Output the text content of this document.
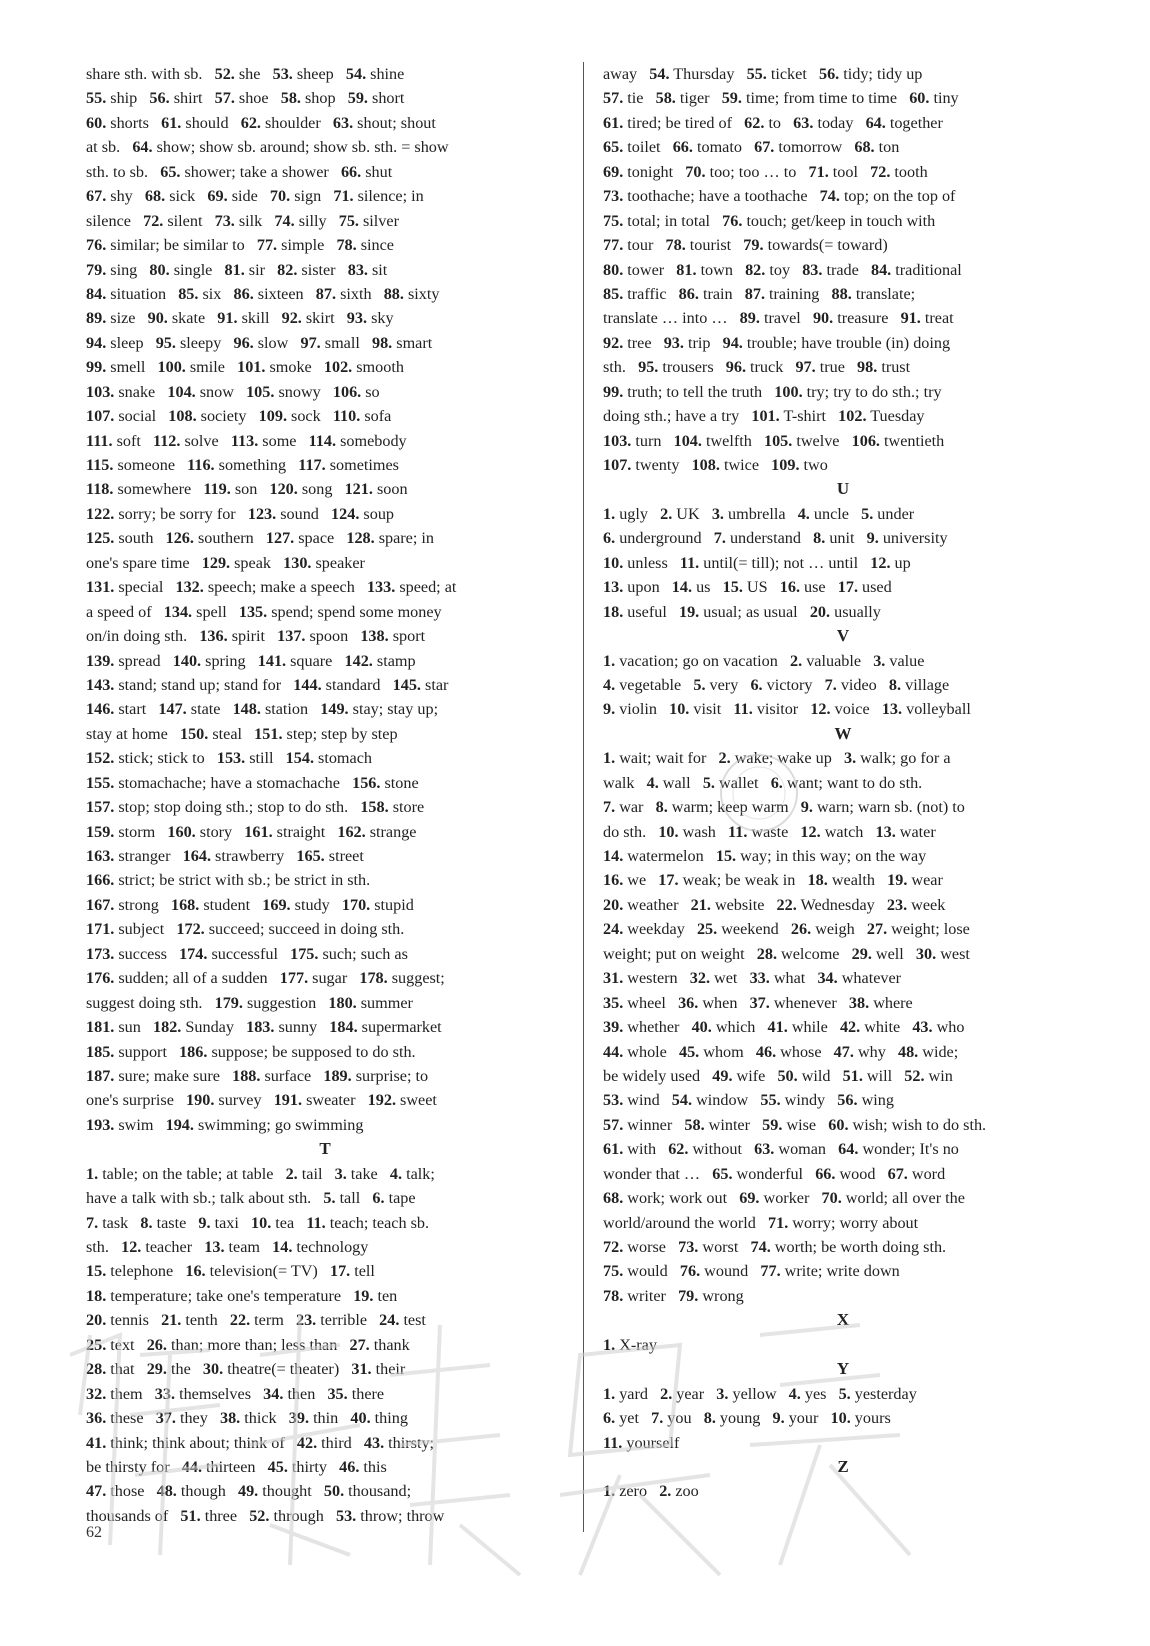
share sth. with sb.   52. she   53. sheep   54. shine
55. ship   56. shirt   57. shoe   58. shop   59. short
60. shorts   61. should   62. shoulder   63. shout; shout
at sb.   64. show; show sb. around; show sb. sth. = show
sth. to sb.   65. shower; take a shower   66. shut
67. shy   68. sick   69. side   70. sign   71. silence; in
silence   72. silent   73. silk   74. silly   75. silver
76. similar; be similar to   77. simple   78. since
79. sing   80. single   81. sir   82. sister   83. sit
84. situation   85. six   86. sixteen   87. sixth   88. sixty
89. size   90. skate   91. skill   92. skirt   93. sky
94. sleep   95. sleepy   96. slow   97. small   98. smart
99. smell   100. smile   101. smoke   102. smooth
103. snake   104. snow   105. snowy   106. so
107. social   108. society   109. sock   110. sofa
111. soft   112. solve   113. some   114. somebody
115. someone   116. something   117. sometimes
118. somewhere   119. son   120. song   121. soon
122. sorry; be sorry for   123. sound   124. soup
125. south   126. southern   127. space   128. spare; in
one's spare time   129. speak   130. speaker
131. special   132. speech; make a speech   133. speed; at
a speed of   134. spell   135. spend; spend some money
on/in doing sth.   136. spirit   137. spoon   138. sport
139. spread   140. spring   141. square   142. stamp
143. stand; stand up; stand for   144. standard   145. star
146. start   147. state   148. station   149. stay; stay up;
stay at home   150. steal   151. step; step by step
152. stick; stick to   153. still   154. stomach
155. stomachache; have a stomachache   156. stone
157. stop; stop doing sth.; stop to do sth.   158. store
159. storm   160. story   161. straight   162. strange
163. stranger   164. strawberry   165. street
166. strict; be strict with sb.; be strict in sth.
167. strong   168. student   169. study   170. stupid
171. subject   172. succeed; succeed in doing sth.
173. success   174. successful   175. such; such as
176. sudden; all of a sudden   177. sugar   178. suggest;
suggest doing sth.   179. suggestion   180. summer
181. sun   182. Sunday   183. sunny   184. supermarket
185. support   186. suppose; be supposed to do sth.
187. sure; make sure   188. surface   189. surprise; to
one's surprise   190. survey   191. sweater   192. sweet
193. swim   194. swimming; go swimming
T
1. table; on the table; at table   2. tail   3. take   4. talk;
have a talk with sb.; talk about sth.   5. tall   6. tape
7. task   8. taste   9. taxi   10. tea   11. teach; teach sb.
sth.   12. teacher   13. team   14. technology
15. telephone   16. television(= TV)   17. tell
18. temperature; take one's temperature   19. ten
20. tennis   21. tenth   22. term   23. terrible   24. test
25. text   26. than; more than; less than   27. thank
28. that   29. the   30. theatre(= theater)   31. their
32. them   33. themselves   34. then   35. there
36. these   37. they   38. thick   39. thin   40. thing
41. think; think about; think of   42. third   43. thirsty;
be thirsty for   44. thirteen   45. thirty   46. this
47. those   48. though   49. thought   50. thousand;
thousands of   51. three   52. through   53. throw; throw
away   54. Thursday   55. ticket   56. tidy; tidy up
57. tie   58. tiger   59. time; from time to time   60. tiny
61. tired; be tired of   62. to   63. today   64. together
65. toilet   66. tomato   67. tomorrow   68. ton
69. tonight   70. too; too … to   71. tool   72. tooth
73. toothache; have a toothache   74. top; on the top of
75. total; in total   76. touch; get/keep in touch with
77. tour   78. tourist   79. towards(= toward)
80. tower   81. town   82. toy   83. trade   84. traditional
85. traffic   86. train   87. training   88. translate;
translate … into …   89. travel   90. treasure   91. treat
92. tree   93. trip   94. trouble; have trouble (in) doing
sth.   95. trousers   96. truck   97. true   98. trust
99. truth; to tell the truth   100. try; try to do sth.; try
doing sth.; have a try   101. T-shirt   102. Tuesday
103. turn   104. twelfth   105. twelve   106. twentieth
107. twenty   108. twice   109. two
U
1. ugly   2. UK   3. umbrella   4. uncle   5. under
6. underground   7. understand   8. unit   9. university
10. unless   11. until(= till); not … until   12. up
13. upon   14. us   15. US   16. use   17. used
18. useful   19. usual; as usual   20. usually
V
1. vacation; go on vacation   2. valuable   3. value
4. vegetable   5. very   6. victory   7. video   8. village
9. violin   10. visit   11. visitor   12. voice   13. volleyball
W
1. wait; wait for   2. wake; wake up   3. walk; go for a
walk   4. wall   5. wallet   6. want; want to do sth.
7. war   8. warm; keep warm   9. warn; warn sb. (not) to
do sth.   10. wash   11. waste   12. watch   13. water
14. watermelon   15. way; in this way; on the way
16. we   17. weak; be weak in   18. wealth   19. wear
20. weather   21. website   22. Wednesday   23. week
24. weekday   25. weekend   26. weigh   27. weight; lose
weight; put on weight   28. welcome   29. well   30. west
31. western   32. wet   33. what   34. whatever
35. wheel   36. when   37. whenever   38. where
39. whether   40. which   41. while   42. white   43. who
44. whole   45. whom   46. whose   47. why   48. wide;
be widely used   49. wife   50. wild   51. will   52. win
53. wind   54. window   55. windy   56. wing
57. winner   58. winter   59. wise   60. wish; wish to do sth.
61. with   62. without   63. woman   64. wonder; It's no
wonder that …   65. wonderful   66. wood   67. word
68. work; work out   69. worker   70. world; all over the
world/around the world   71. worry; worry about
72. worse   73. worst   74. worth; be worth doing sth.
75. would   76. wound   77. write; write down
78. writer   79. wrong
X
1. X-ray
Y
1. yard   2. year   3. yellow   4. yes   5. yesterday
6. yet   7. you   8. young   9. your   10. yours
11. yourself
Z
1. zero   2. zoo
62
